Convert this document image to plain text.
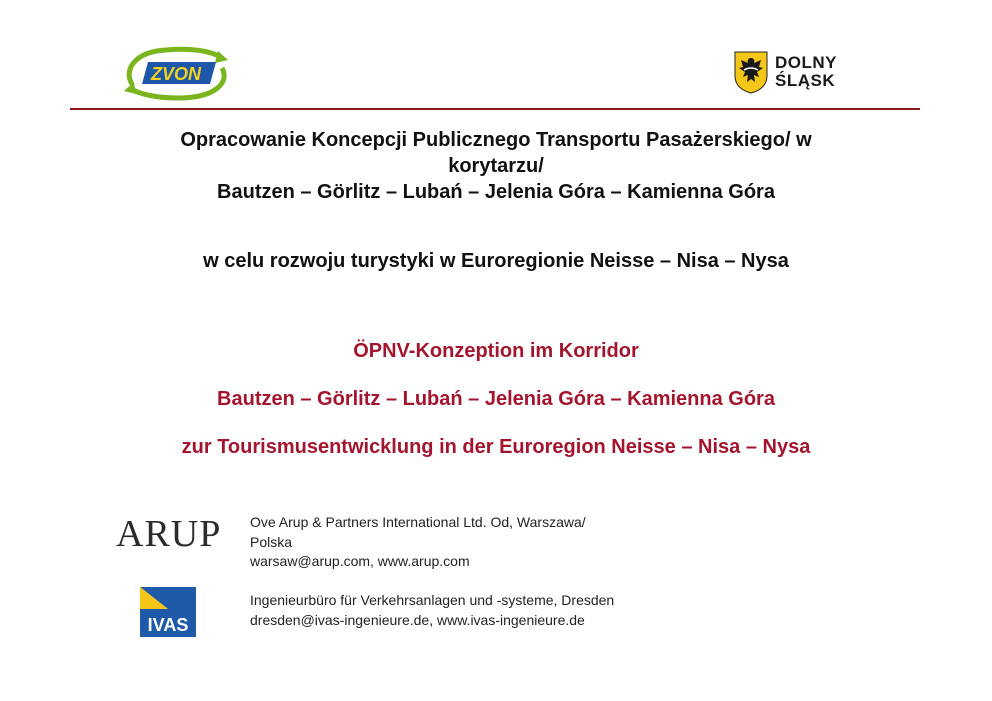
ZVON
DOLNY
ŚLĄSK
Opracowanie Koncepcji Publicznego Transportu Pasażerskiego/ w
korytarzu/
Bautzen – Görlitz – Lubań – Jelenia Góra – Kamienna Góra
w celu rozwoju turystyki w Euroregionie Neisse – Nisa – Nysa
ÖPNV-Konzeption im Korridor
Bautzen – Görlitz – Lubań – Jelenia Góra – Kamienna Góra
zur Tourismusentwicklung in der Euroregion Neisse – Nisa – Nysa
ARUP Ove Arup & Partners International Ltd. Od, Warszawa/
Polska
warsaw@arup.com, www.arup.com
IVAS
Ingenieurbüro für Verkehrsanlagen und -systeme, Dresden
dresden@ivas-ingenieure.de, www.ivas-ingenieure.de
